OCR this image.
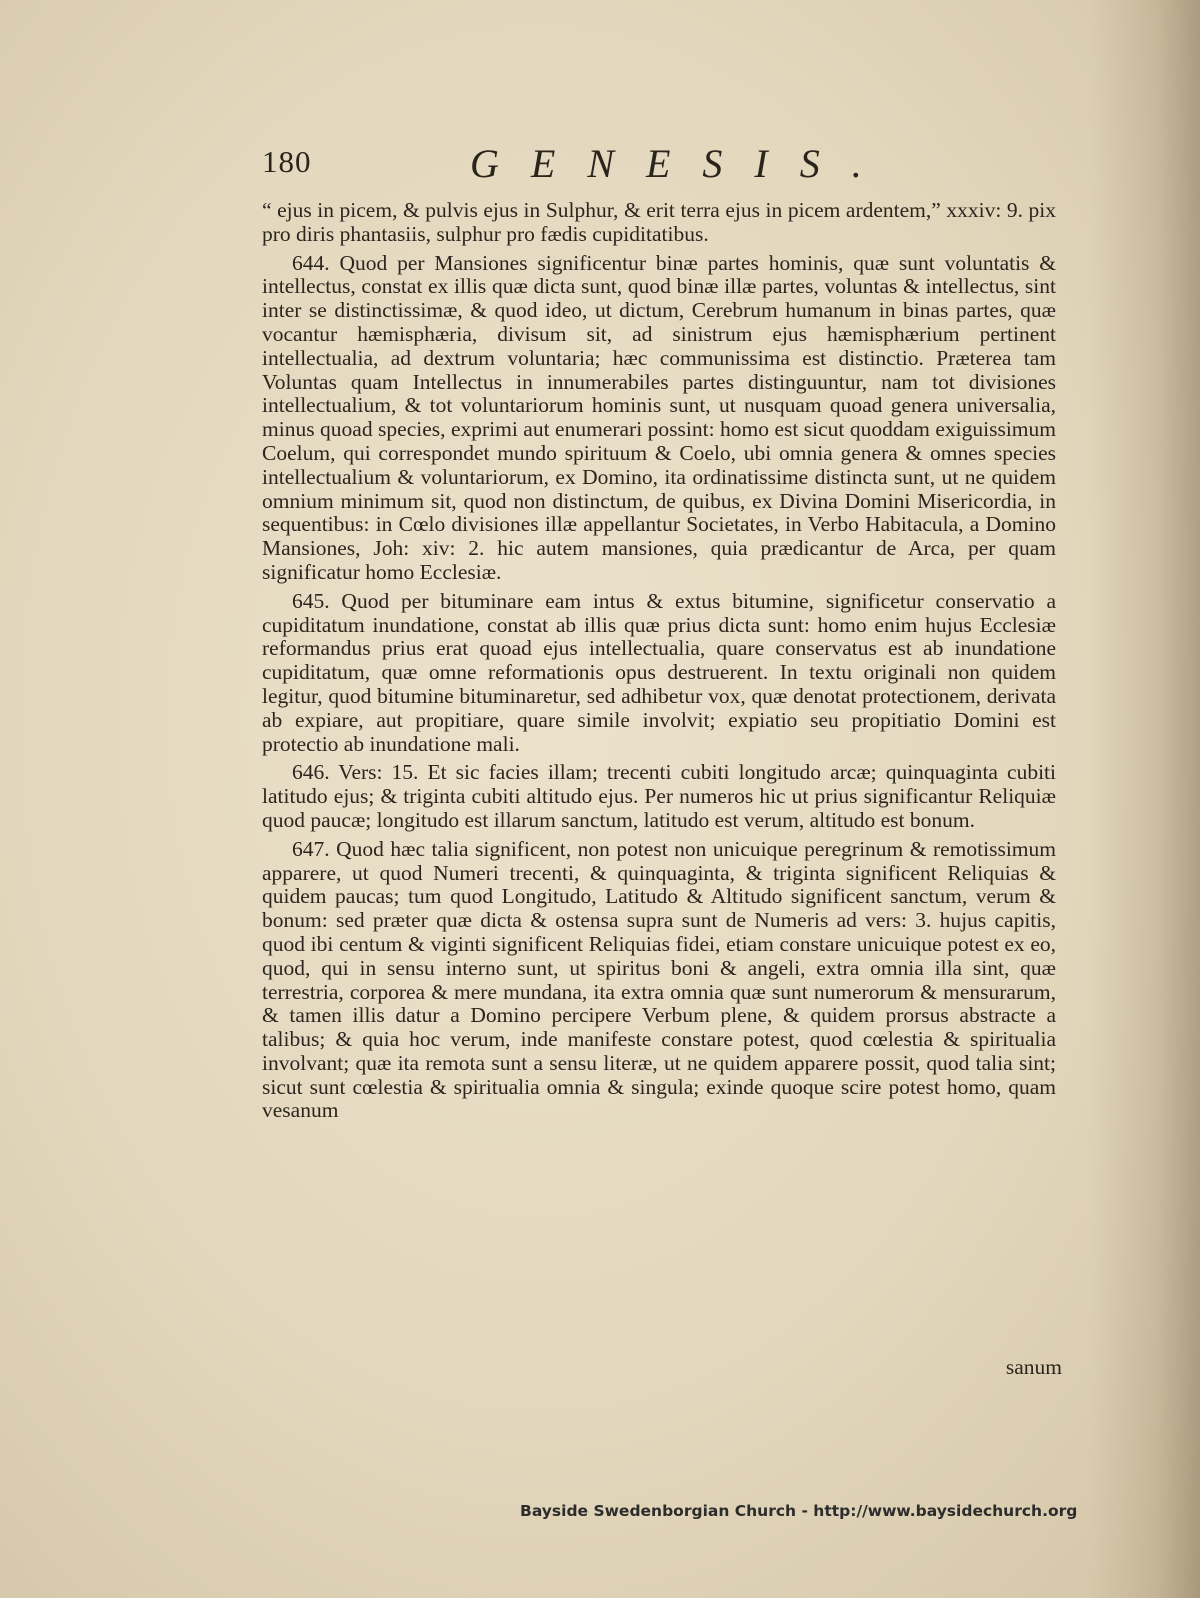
180	GENESIS.

“ ejus in picem, & pulvis ejus in Sulphur, & erit terra ejus in picem ardentem,” xxxiv: 9. pix pro diris phantasiis, sulphur pro fædis cupiditatibus.

644. Quod per Mansiones significentur binæ partes hominis, quæ sunt voluntatis & intellectus, constat ex illis quæ dicta sunt, quod binæ illæ partes, voluntas & intellectus, sint inter se distinctissimæ, & quod ideo, ut dictum, Cerebrum humanum in binas partes, quæ vocantur hæmisphæria, divisum sit, ad sinistrum ejus hæmisphærium pertinent intellectualia, ad dextrum voluntaria; hæc communissima est distinctio. Præterea tam Voluntas quam Intellectus in innumerabiles partes distinguuntur, nam tot divisiones intellectualium, & tot voluntariorum hominis sunt, ut nusquam quoad genera universalia, minus quoad species, exprimi aut enumerari possint: homo est sicut quoddam exiguissimum Coelum, qui correspondet mundo spirituum & Coelo, ubi omnia genera & omnes species intellectualium & voluntariorum, ex Domino, ita ordinatissime distincta sunt, ut ne quidem omnium minimum sit, quod non distinctum, de quibus, ex Divina Domini Misericordia, in sequentibus: in Cœlo divisiones illæ appellantur Societates, in Verbo Habitacula, a Domino Mansiones, Joh: xiv: 2. hic autem mansiones, quia prædicantur de Arca, per quam significatur homo Ecclesiæ.

645. Quod per bituminare eam intus & extus bitumine, significetur conservatio a cupiditatum inundatione, constat ab illis quæ prius dicta sunt: homo enim hujus Ecclesiæ reformandus prius erat quoad ejus intellectualia, quare conservatus est ab inundatione cupiditatum, quæ omne reformationis opus destruerent. In textu originali non quidem legitur, quod bitumine bituminaretur, sed adhibetur vox, quæ denotat protectionem, derivata ab expiare, aut propitiare, quare simile involvit; expiatio seu propitiatio Domini est protectio ab inundatione mali.

646. Vers: 15. Et sic facies illam; trecenti cubiti longitudo arcæ; quinquaginta cubiti latitudo ejus; & triginta cubiti altitudo ejus. Per numeros hic ut prius significantur Reliquiæ quod paucæ; longitudo est illarum sanctum, latitudo est verum, altitudo est bonum.

647. Quod hæc talia significent, non potest non unicuique peregrinum & remotissimum apparere, ut quod Numeri trecenti, & quinquaginta, & triginta significent Reliquias & quidem paucas; tum quod Longitudo, Latitudo & Altitudo significent sanctum, verum & bonum: sed præter quæ dicta & ostensa supra sunt de Numeris ad vers: 3. hujus capitis, quod ibi centum & viginti significent Reliquias fidei, etiam constare unicuique potest ex eo, quod, qui in sensu interno sunt, ut spiritus boni & angeli, extra omnia illa sint, quæ terrestria, corporea & mere mundana, ita extra omnia quæ sunt numerorum & mensurarum, & tamen illis datur a Domino percipere Verbum plene, & quidem prorsus abstracte a talibus; & quia hoc verum, inde manifeste constare potest, quod cœlestia & spiritualia involvant; quæ ita remota sunt a sensu literæ, ut ne quidem apparere possit, quod talia sint; sicut sunt cœlestia & spiritualia omnia & singula; exinde quoque scire potest homo, quam vesanum

sanum
Bayside Swedenborgian Church - http://www.baysidechurch.org
